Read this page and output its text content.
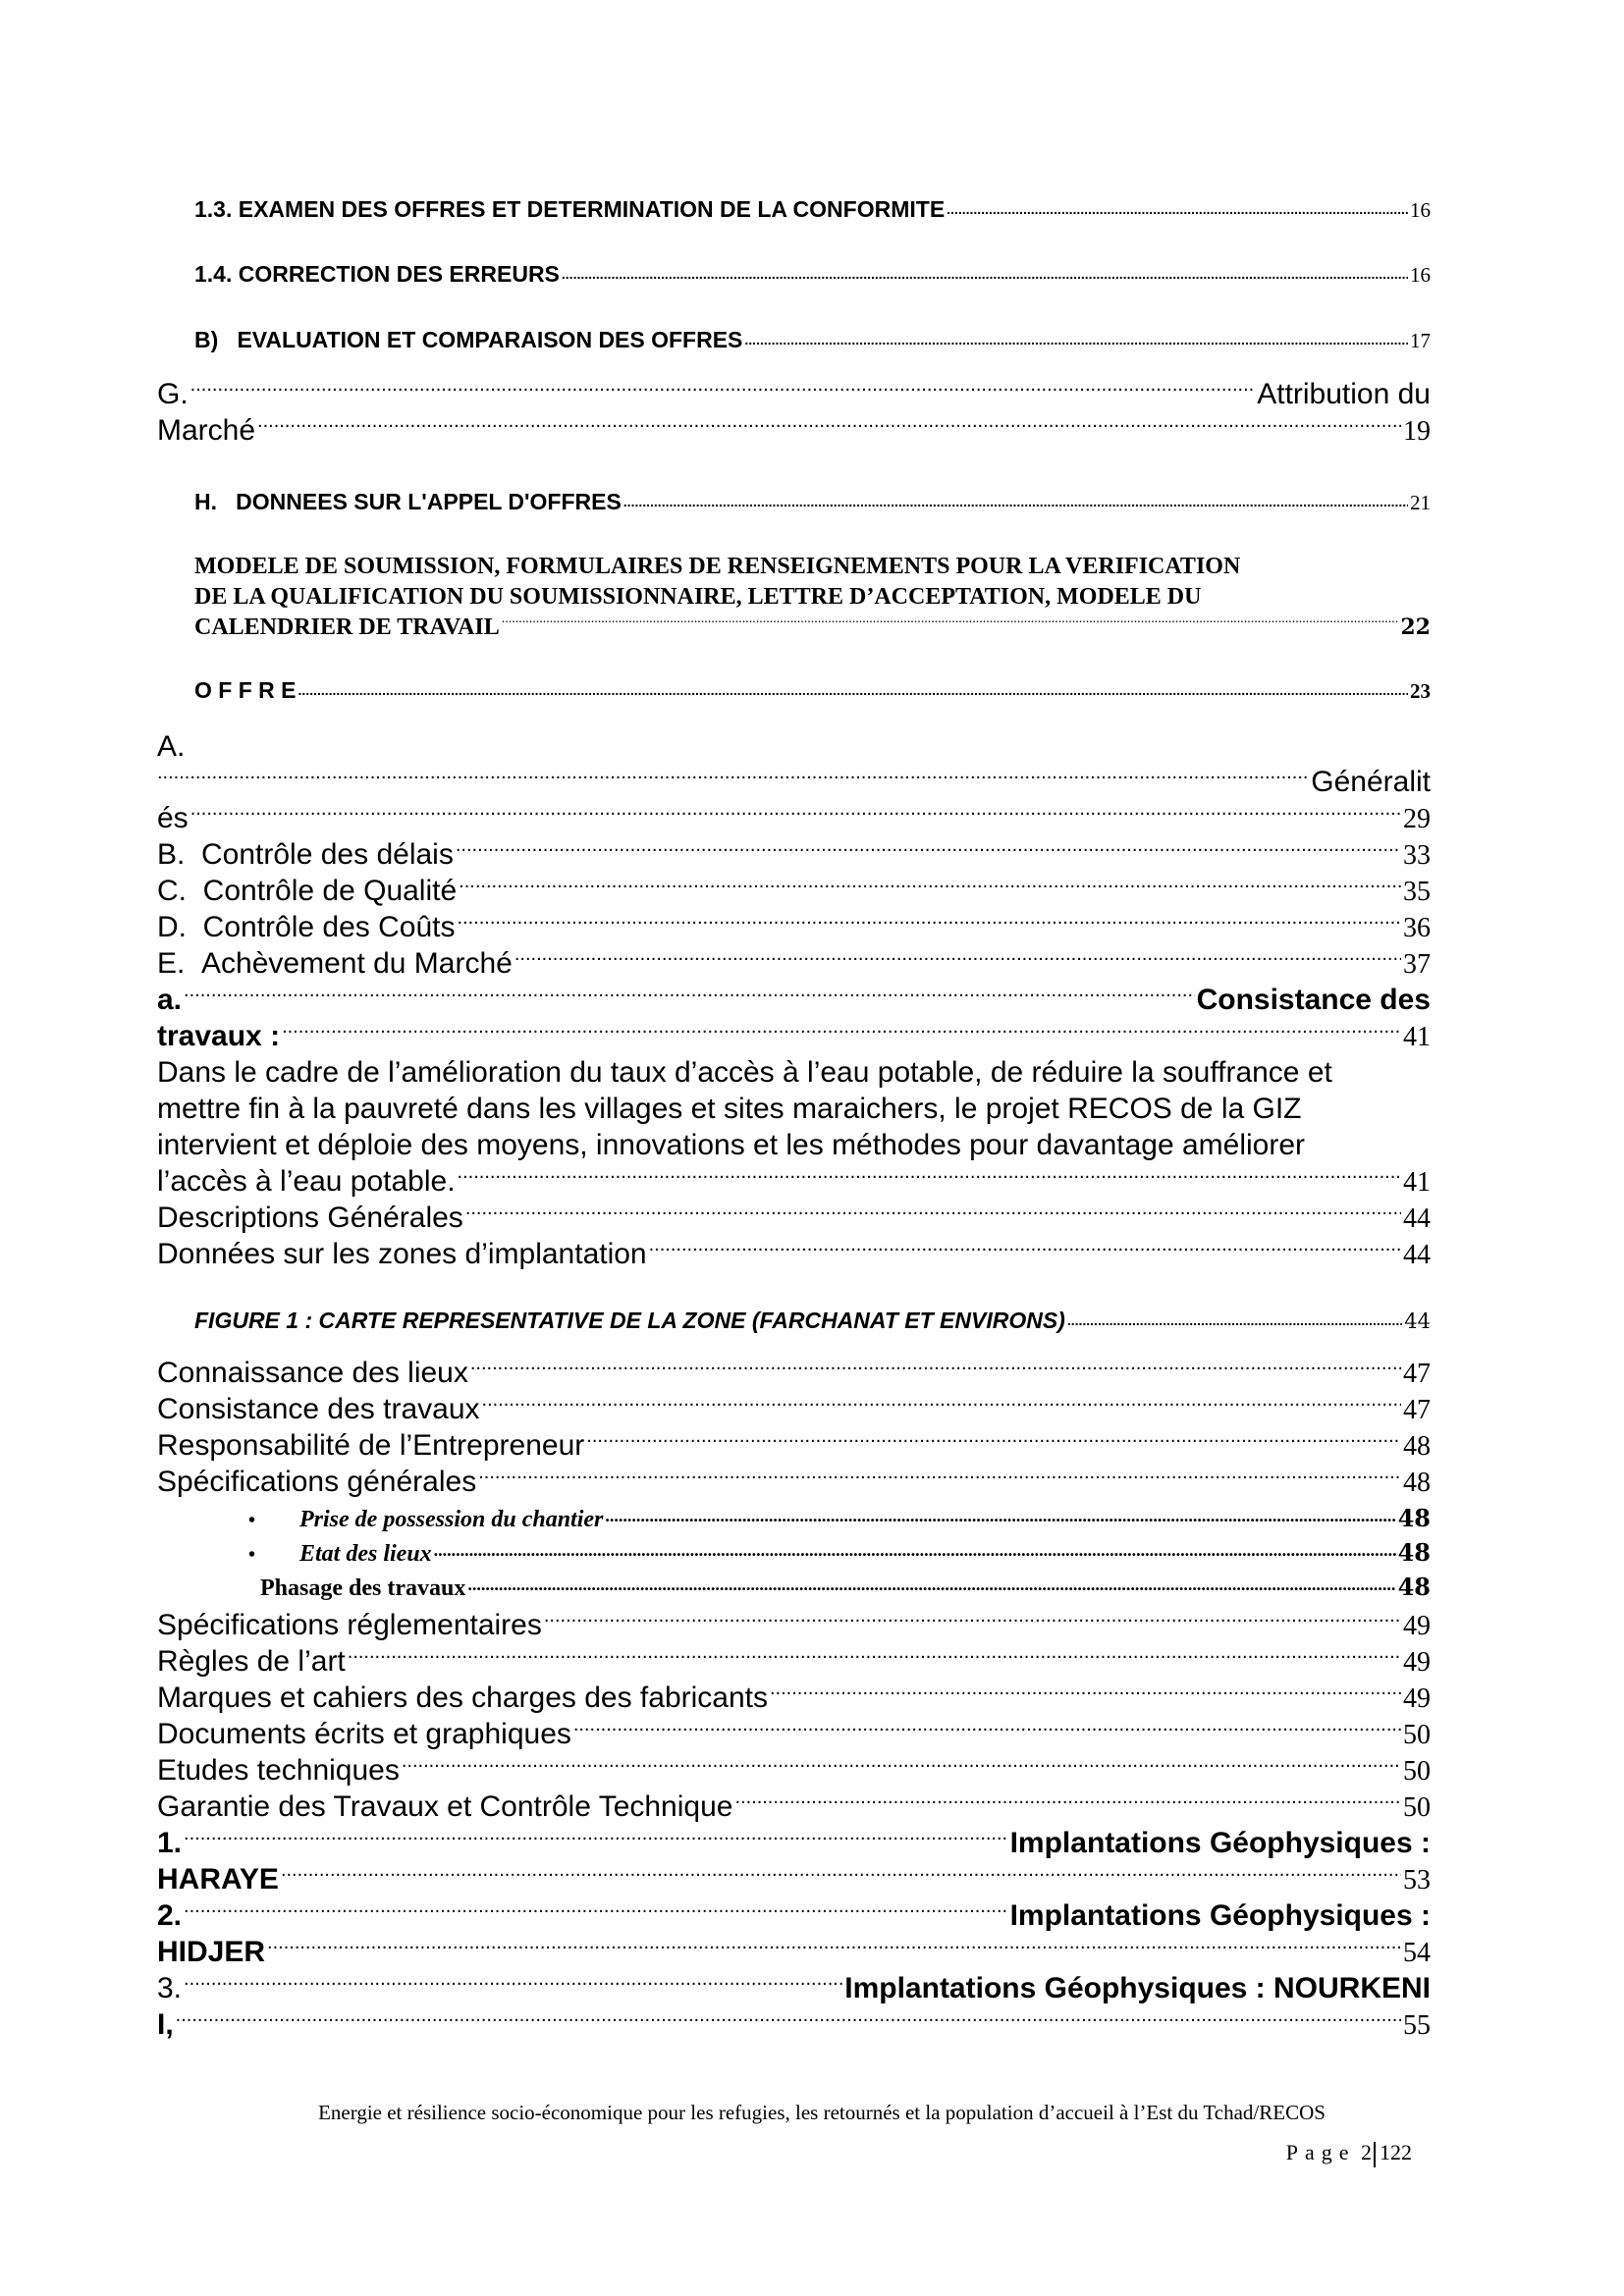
1.3. EXAMEN DES OFFRES ET DETERMINATION DE LA CONFORMITE .....	16
1.4. CORRECTION DES ERREURS .....	16
B)   EVALUATION ET COMPARAISON DES OFFRES .....	17
G. .....	Attribution du
Marché .....	19
H.   DONNEES SUR L'APPEL D'OFFRES .....	21
MODELE DE SOUMISSION, FORMULAIRES DE RENSEIGNEMENTS POUR LA VERIFICATION
DE LA QUALIFICATION DU SOUMISSIONNAIRE, LETTRE D’ACCEPTATION, MODELE DU
CALENDRIER DE TRAVAIL .....	22
O F F R E .....	23
A.
.....
Généralit
és .....	29
B.  Contrôle des délais .....	33
C.  Contrôle de Qualité .....	35
D.  Contrôle des Coûts .....	36
E.  Achèvement du Marché .....	37
a. .....	Consistance des
travaux : .....	41
Dans le cadre de l’amélioration du taux d’accès à l’eau potable, de réduire la souffrance et
mettre fin à la pauvreté dans les villages et sites maraichers, le projet RECOS de la GIZ
intervient et déploie des moyens, innovations et les méthodes pour davantage améliorer
l’accès à l’eau potable. .....	41
Descriptions Générales .....	44
Données sur les zones d’implantation .....	44
FIGURE 1 : CARTE REPRESENTATIVE DE LA ZONE (FARCHANAT ET ENVIRONS) .....	44
Connaissance des lieux .....	47
Consistance des travaux .....	47
Responsabilité de l’Entrepreneur .....	48
Spécifications générales .....	48
•	Prise de possession du chantier .....	48
•	Etat des lieux .....	48
Phasage des travaux .....	48
Spécifications réglementaires .....	49
Règles de l’art .....	49
Marques et cahiers des charges des fabricants .....	49
Documents écrits et graphiques .....	50
Etudes techniques .....	50
Garantie des Travaux et Contrôle Technique .....	50
1. .....	Implantations Géophysiques :
HARAYE .....	53
2. .....	Implantations Géophysiques :
HIDJER .....	54
3. .....	Implantations Géophysiques : NOURKENI
I, .....	55
Energie et résilience socio-économique pour les refugies, les retournés et la population d’accueil à l’Est du Tchad/RECOS
Page 2 122
